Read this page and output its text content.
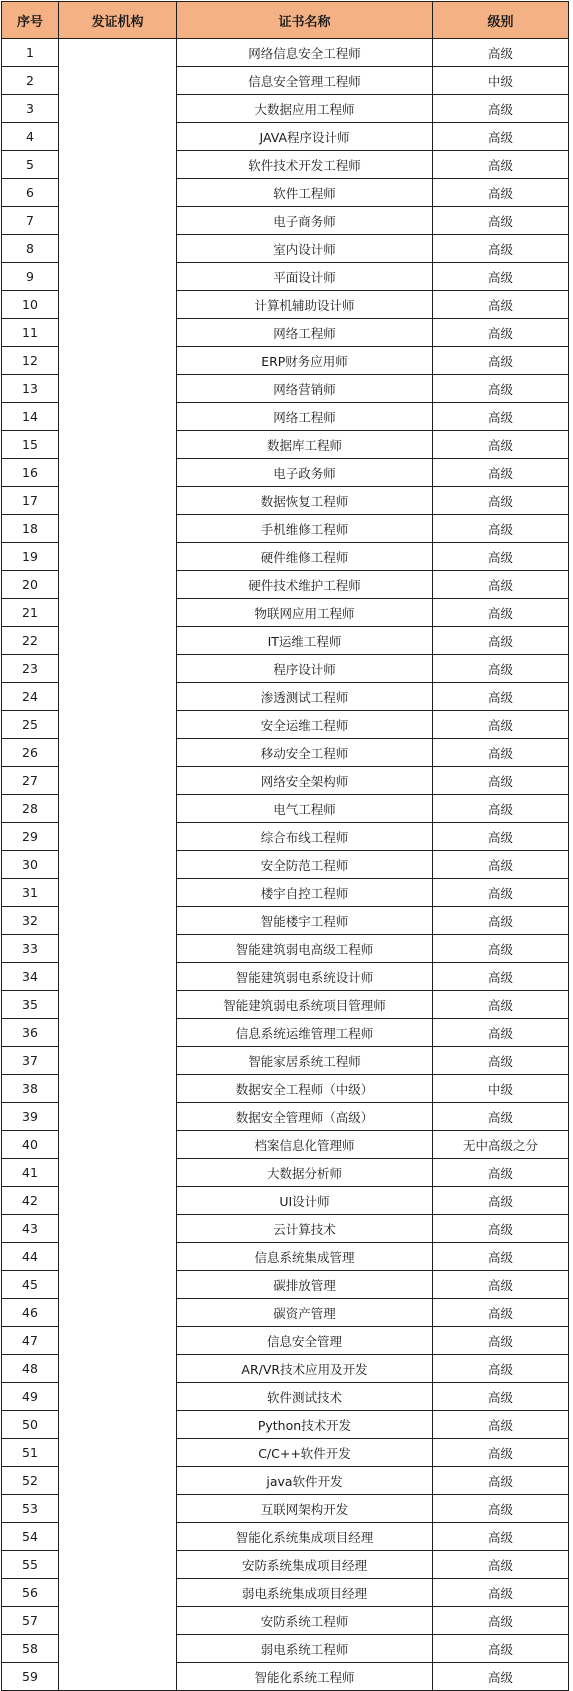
序号	发证机构	证书名称	级别
1		网络信息安全工程师	高级
2		信息安全管理工程师	中级
3		大数据应用工程师	高级
4		JAVA程序设计师	高级
5		软件技术开发工程师	高级
6		软件工程师	高级
7		电子商务师	高级
8		室内设计师	高级
9		平面设计师	高级
10		计算机辅助设计师	高级
11		网络工程师	高级
12		ERP财务应用师	高级
13		网络营销师	高级
14		网络工程师	高级
15		数据库工程师	高级
16		电子政务师	高级
17		数据恢复工程师	高级
18		手机维修工程师	高级
19		硬件维修工程师	高级
20		硬件技术维护工程师	高级
21		物联网应用工程师	高级
22		IT运维工程师	高级
23		程序设计师	高级
24		渗透测试工程师	高级
25		安全运维工程师	高级
26		移动安全工程师	高级
27		网络安全架构师	高级
28		电气工程师	高级
29		综合布线工程师	高级
30		安全防范工程师	高级
31		楼宇自控工程师	高级
32		智能楼宇工程师	高级
33		智能建筑弱电高级工程师	高级
34		智能建筑弱电系统设计师	高级
35		智能建筑弱电系统项目管理师	高级
36		信息系统运维管理工程师	高级
37		智能家居系统工程师	高级
38		数据安全工程师（中级）	中级
39		数据安全管理师（高级）	高级
40		档案信息化管理师	无中高级之分
41		大数据分析师	高级
42		UI设计师	高级
43		云计算技术	高级
44		信息系统集成管理	高级
45		碳排放管理	高级
46		碳资产管理	高级
47		信息安全管理	高级
48		AR/VR技术应用及开发	高级
49		软件测试技术	高级
50		Python技术开发	高级
51		C/C++软件开发	高级
52		java软件开发	高级
53		互联网架构开发	高级
54		智能化系统集成项目经理	高级
55		安防系统集成项目经理	高级
56		弱电系统集成项目经理	高级
57		安防系统工程师	高级
58		弱电系统工程师	高级
59		智能化系统工程师	高级
